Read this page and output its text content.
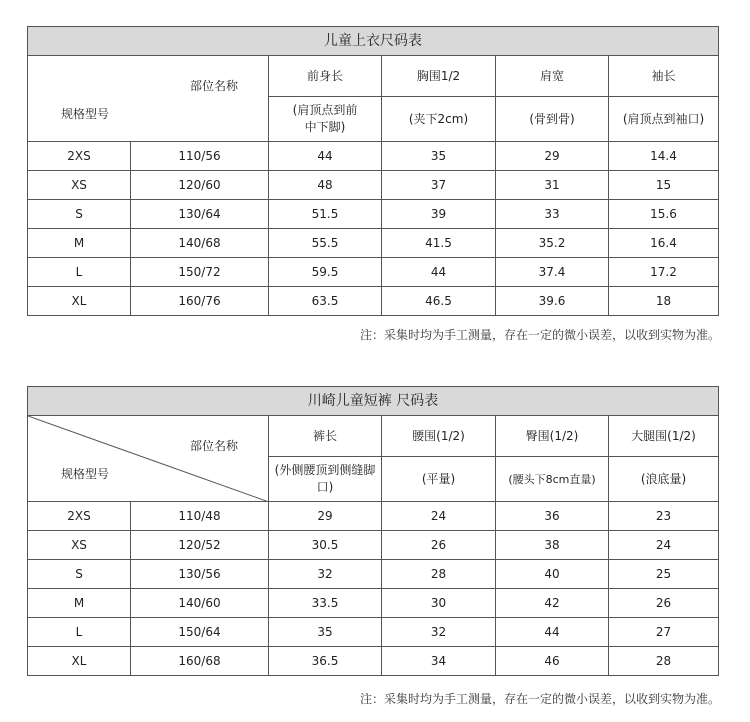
儿童上衣尺码表					

部位名称
规格型号		前身长	胸围1/2	肩宽	袖长
		(肩顶点到前中下脚)	(夹下2cm)	(骨到骨)	(肩顶点到袖口)
2XS	110/56	44	35	29	14.4
XS	120/60	48	37	31	15
S	130/64	51.5	39	33	15.6
M	140/68	55.5	41.5	35.2	16.4
L	150/72	59.5	44	37.4	17.2
XL	160/76	63.5	46.5	39.6	18
注：采集时均为手工测量，存在一定的微小误差，以收到实物为准。
川崎儿童短裤 尺码表					

部位名称
规格型号		裤长	腰围(1/2)	臀围(1/2)	大腿围(1/2)
		(外侧腰顶到侧缝脚口)	(平量)	(腰头下8cm直量)	(浪底量)
2XS	110/48	29	24	36	23
XS	120/52	30.5	26	38	24
S	130/56	32	28	40	25
M	140/60	33.5	30	42	26
L	150/64	35	32	44	27
XL	160/68	36.5	34	46	28
注：采集时均为手工测量，存在一定的微小误差，以收到实物为准。
